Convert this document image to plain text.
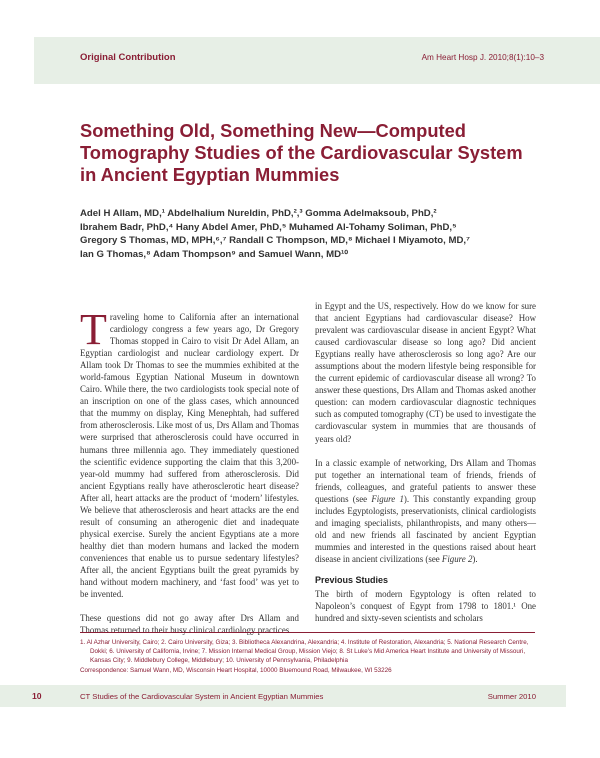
Original Contribution	Am Heart Hosp J. 2010;8(1):10–3
Something Old, Something New—Computed Tomography Studies of the Cardiovascular System in Ancient Egyptian Mummies
Adel H Allam, MD,¹ Abdelhalium Nureldin, PhD,²,³ Gomma Adelmaksoub, PhD,²
Ibrahem Badr, PhD,⁴ Hany Abdel Amer, PhD,⁵ Muhamed Al-Tohamy Soliman, PhD,⁵
Gregory S Thomas, MD, MPH,⁶,⁷ Randall C Thompson, MD,⁸ Michael I Miyamoto, MD,⁷
Ian G Thomas,⁸ Adam Thompson⁹ and Samuel Wann, MD¹⁰

Traveling home to California after an international cardiology congress a few years ago, Dr Gregory Thomas stopped in Cairo to visit Dr Adel Allam, an Egyptian cardiologist and nuclear cardiology expert. Dr Allam took Dr Thomas to see the mummies exhibited at the world-famous Egyptian National Museum in downtown Cairo. While there, the two cardiologists took special note of an inscription on one of the glass cases, which announced that the mummy on display, King Menephtah, had suffered from atherosclerosis. Like most of us, Drs Allam and Thomas were surprised that atherosclerosis could have occurred in humans three millennia ago. They immediately questioned the scientific evidence supporting the claim that this 3,200-year-old mummy had suffered from atherosclerosis. Did ancient Egyptians really have atherosclerotic heart disease? After all, heart attacks are the product of ‘modern’ lifestyles. We believe that atherosclerosis and heart attacks are the end result of consuming an atherogenic diet and inadequate physical exercise. Surely the ancient Egyptians ate a more healthy diet than modern humans and lacked the modern conveniences that enable us to pursue sedentary lifestyles? After all, the ancient Egyptians built the great pyramids by hand without modern machinery, and ‘fast food’ was yet to be invented.

These questions did not go away after Drs Allam and Thomas returned to their busy clinical cardiology practices

in Egypt and the US, respectively. How do we know for sure that ancient Egyptians had cardiovascular disease? How prevalent was cardiovascular disease in ancient Egypt? What caused cardiovascular disease so long ago? Did ancient Egyptians really have atherosclerosis so long ago? Are our assumptions about the modern lifestyle being responsible for the current epidemic of cardiovascular disease all wrong? To answer these questions, Drs Allam and Thomas asked another question: can modern cardiovascular diagnostic techniques such as computed tomography (CT) be used to investigate the cardiovascular system in mummies that are thousands of years old?

In a classic example of networking, Drs Allam and Thomas put together an international team of friends, friends of friends, colleagues, and grateful patients to answer these questions (see Figure 1). This constantly expanding group includes Egyptologists, preservationists, clinical cardiologists and imaging specialists, philanthropists, and many others—old and new friends all fascinated by ancient Egyptian mummies and interested in the questions raised about heart disease in ancient civilizations (see Figure 2).

Previous Studies

The birth of modern Egyptology is often related to Napoleon’s conquest of Egypt from 1798 to 1801.¹ One hundred and sixty-seven scientists and scholars

1. Al Azhar University, Cairo; 2. Cairo University, Giza; 3. Bibliotheca Alexandrina, Alexandria; 4. Institute of Restoration, Alexandria; 5. National Research Centre, Dokki; 6. University of California, Irvine; 7. Mission Internal Medical Group, Mission Viejo; 8. St Luke’s Mid America Heart Institute and University of Missouri, Kansas City; 9. Middlebury College, Middlebury; 10. University of Pennsylvania, Philadelphia
Correspondence: Samuel Wann, MD, Wisconsin Heart Hospital, 10000 Bluemound Road, Milwaukee, WI 53226
10	CT Studies of the Cardiovascular System in Ancient Egyptian Mummies	Summer 2010
